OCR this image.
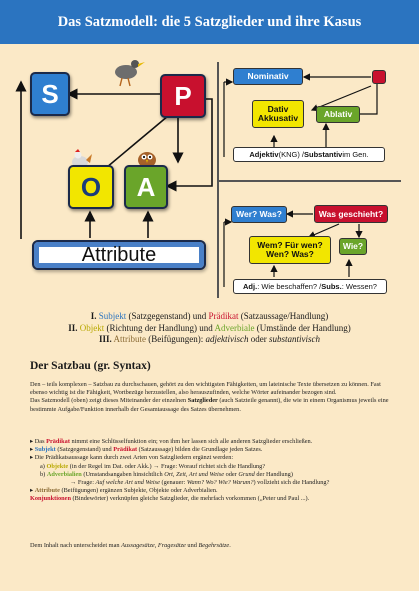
Das Satzmodell: die 5 Satzglieder und ihre Kasus
S	P
O	A
Attribute
Nominativ
Dativ
Akkusativ	Ablativ
Adjektiv (KNG) / Substantiv im Gen.
Wer? Was?	Was geschieht?
Wem? Für wen?
Wen? Was?
Wie?
Adj. : Wie beschaffen? / Subs. : Wessen?
I. Subjekt (Satzgegenstand) und Prädikat (Satzaussage/Handlung)
II. Objekt (Richtung der Handlung) und Adverbiale (Umstände der Handlung)
III. Attribute (Beifügungen): adjektivisch oder substantivisch
Der Satzbau (gr. Syntax)

Den – teils komplexen – Satzbau zu durchschauen, gehört zu den wichtigsten Fähigkeiten, um lateinische Texte übersetzen zu können. Fast ebenso wichtig ist die Fähigkeit, Wortbezüge herzustellen, also herauszufinden, welche Wörter aufeinander bezogen sind.

Das Satzmodell (oben) zeigt dieses Miteinander der einzelnen Satzglieder (auch Satzteile genannt), die wie in einem Organismus jeweils eine bestimmte Aufgabe/Funktion innerhalb der Gesamtaussage des Satzes übernehmen.

▸ Das Prädikat nimmt eine Schlüsselfunktion ein; von ihm her lassen sich alle anderen Satzglieder erschließen.

▸ Subjekt (Satzgegenstand) und Prädikat (Satzaussage) bilden die Grundlage jeden Satzes.

▸ Die Prädikatsaussage kann durch zwei Arten von Satzgliedern ergänzt werden:

a) Objekte (in der Regel im Dat. oder Akk.) → Frage: Worauf richtet sich die Handlung?

b) Adverbialien (Umstandsangaben hinsichtlich Ort, Zeit, Art und Weise oder Grund der Handlung)

→ Frage: Auf welche Art und Weise (genauer: Wann? Wo? Wie? Warum?) vollzieht sich die Handlung?

▸ Attribute (Beifügungen) ergänzen Subjekte, Objekte oder Adverbialien.

Konjunktionen (Bindewörter) verknüpfen gleiche Satzglieder, die mehrfach vorkommen („Peter und Paul ...).

Dem Inhalt nach unterscheidet man Aussagesätze, Fragesätze und Begehrsätze.
